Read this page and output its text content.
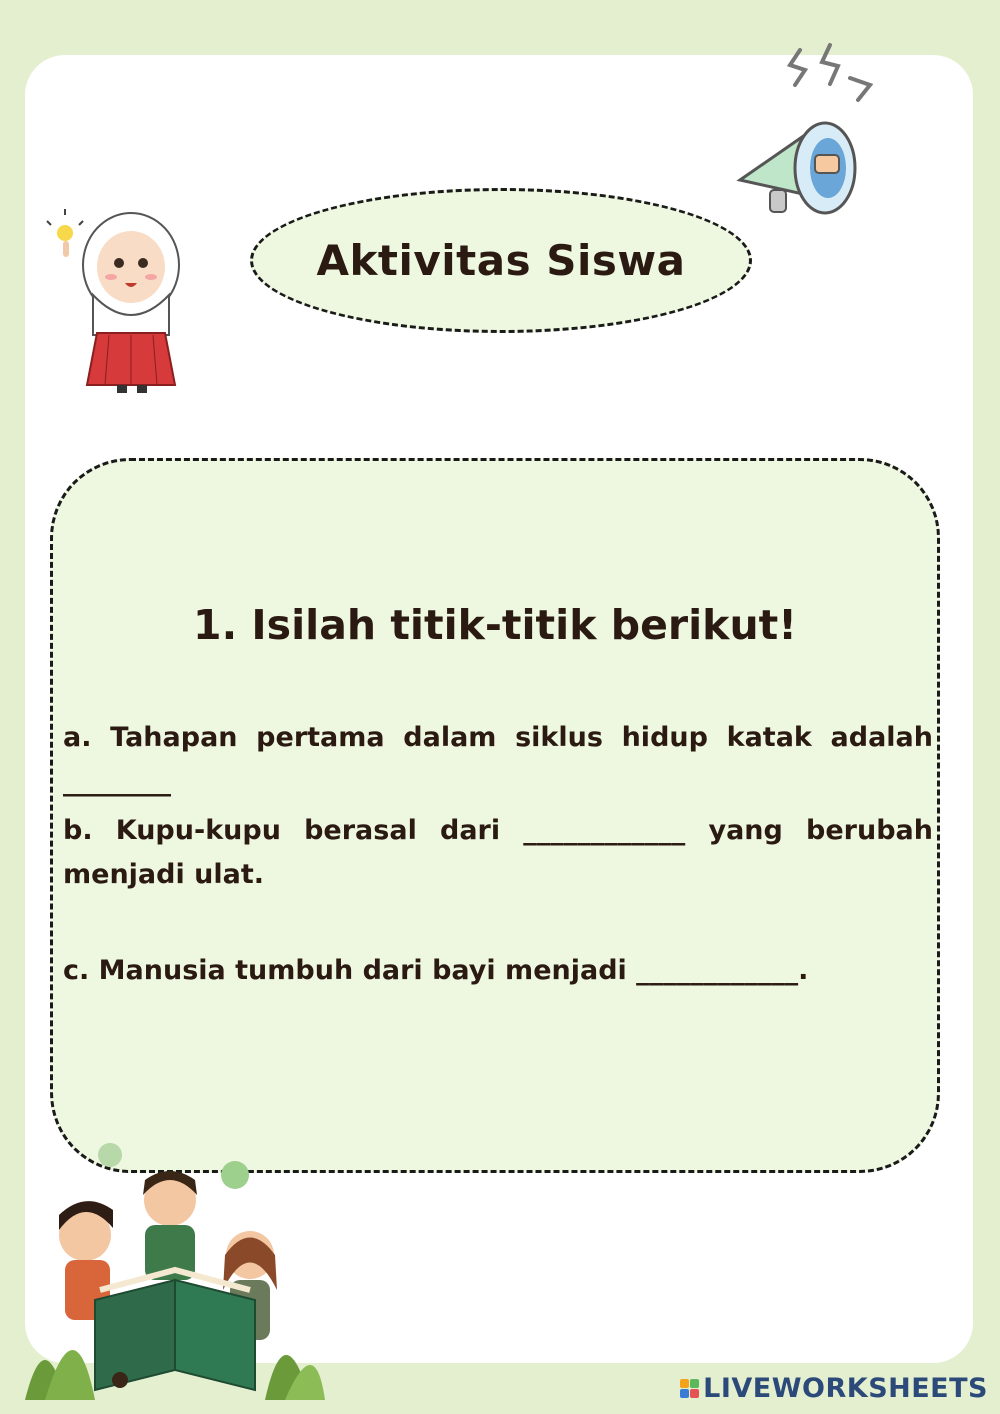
Aktivitas Siswa
1. Isilah titik-titik berikut!
a. Tahapan pertama dalam siklus hidup katak adalah ________
b. Kupu-kupu berasal dari ____________ yang berubah menjadi ulat.
c. Manusia tumbuh dari bayi menjadi ____________.
LIVEWORKSHEETS
